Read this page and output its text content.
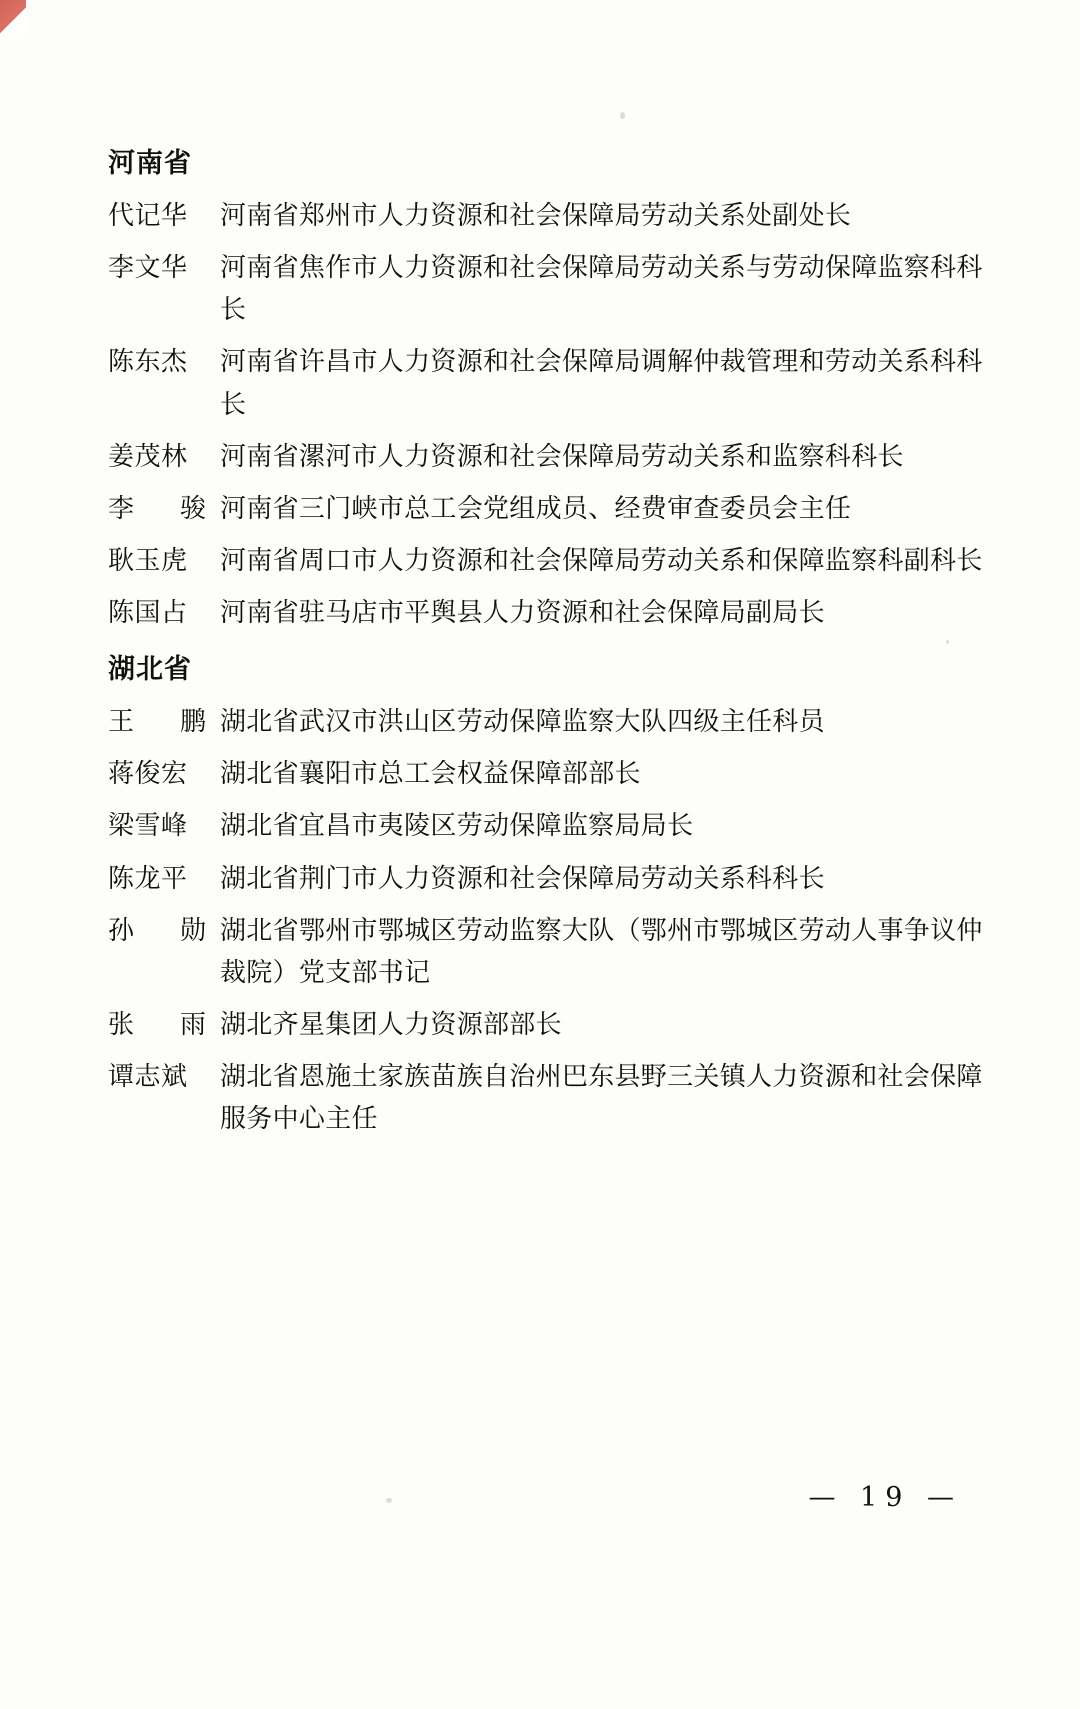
河南省

代记华	河南省郑州市人力资源和社会保障局劳动关系处副处长
李文华	河南省焦作市人力资源和社会保障局劳动关系与劳动保障监察科科长
陈东杰	河南省许昌市人力资源和社会保障局调解仲裁管理和劳动关系科科长
姜茂林	河南省漯河市人力资源和社会保障局劳动关系和监察科科长
李 骏 河南省三门峡市总工会党组成员、经费审查委员会主任
耿玉虎	河南省周口市人力资源和社会保障局劳动关系和保障监察科副科长
陈国占	河南省驻马店市平舆县人力资源和社会保障局副局长

湖北省

王 鹏 湖北省武汉市洪山区劳动保障监察大队四级主任科员
蒋俊宏	湖北省襄阳市总工会权益保障部部长
梁雪峰	湖北省宜昌市夷陵区劳动保障监察局局长
陈龙平	湖北省荆门市人力资源和社会保障局劳动关系科科长
孙 勋 湖北省鄂州市鄂城区劳动监察大队（鄂州市鄂城区劳动人事争议仲裁院）党支部书记
张 雨 湖北齐星集团人力资源部部长
谭志斌	湖北省恩施土家族苗族自治州巴东县野三关镇人力资源和社会保障服务中心主任
— 19 —
